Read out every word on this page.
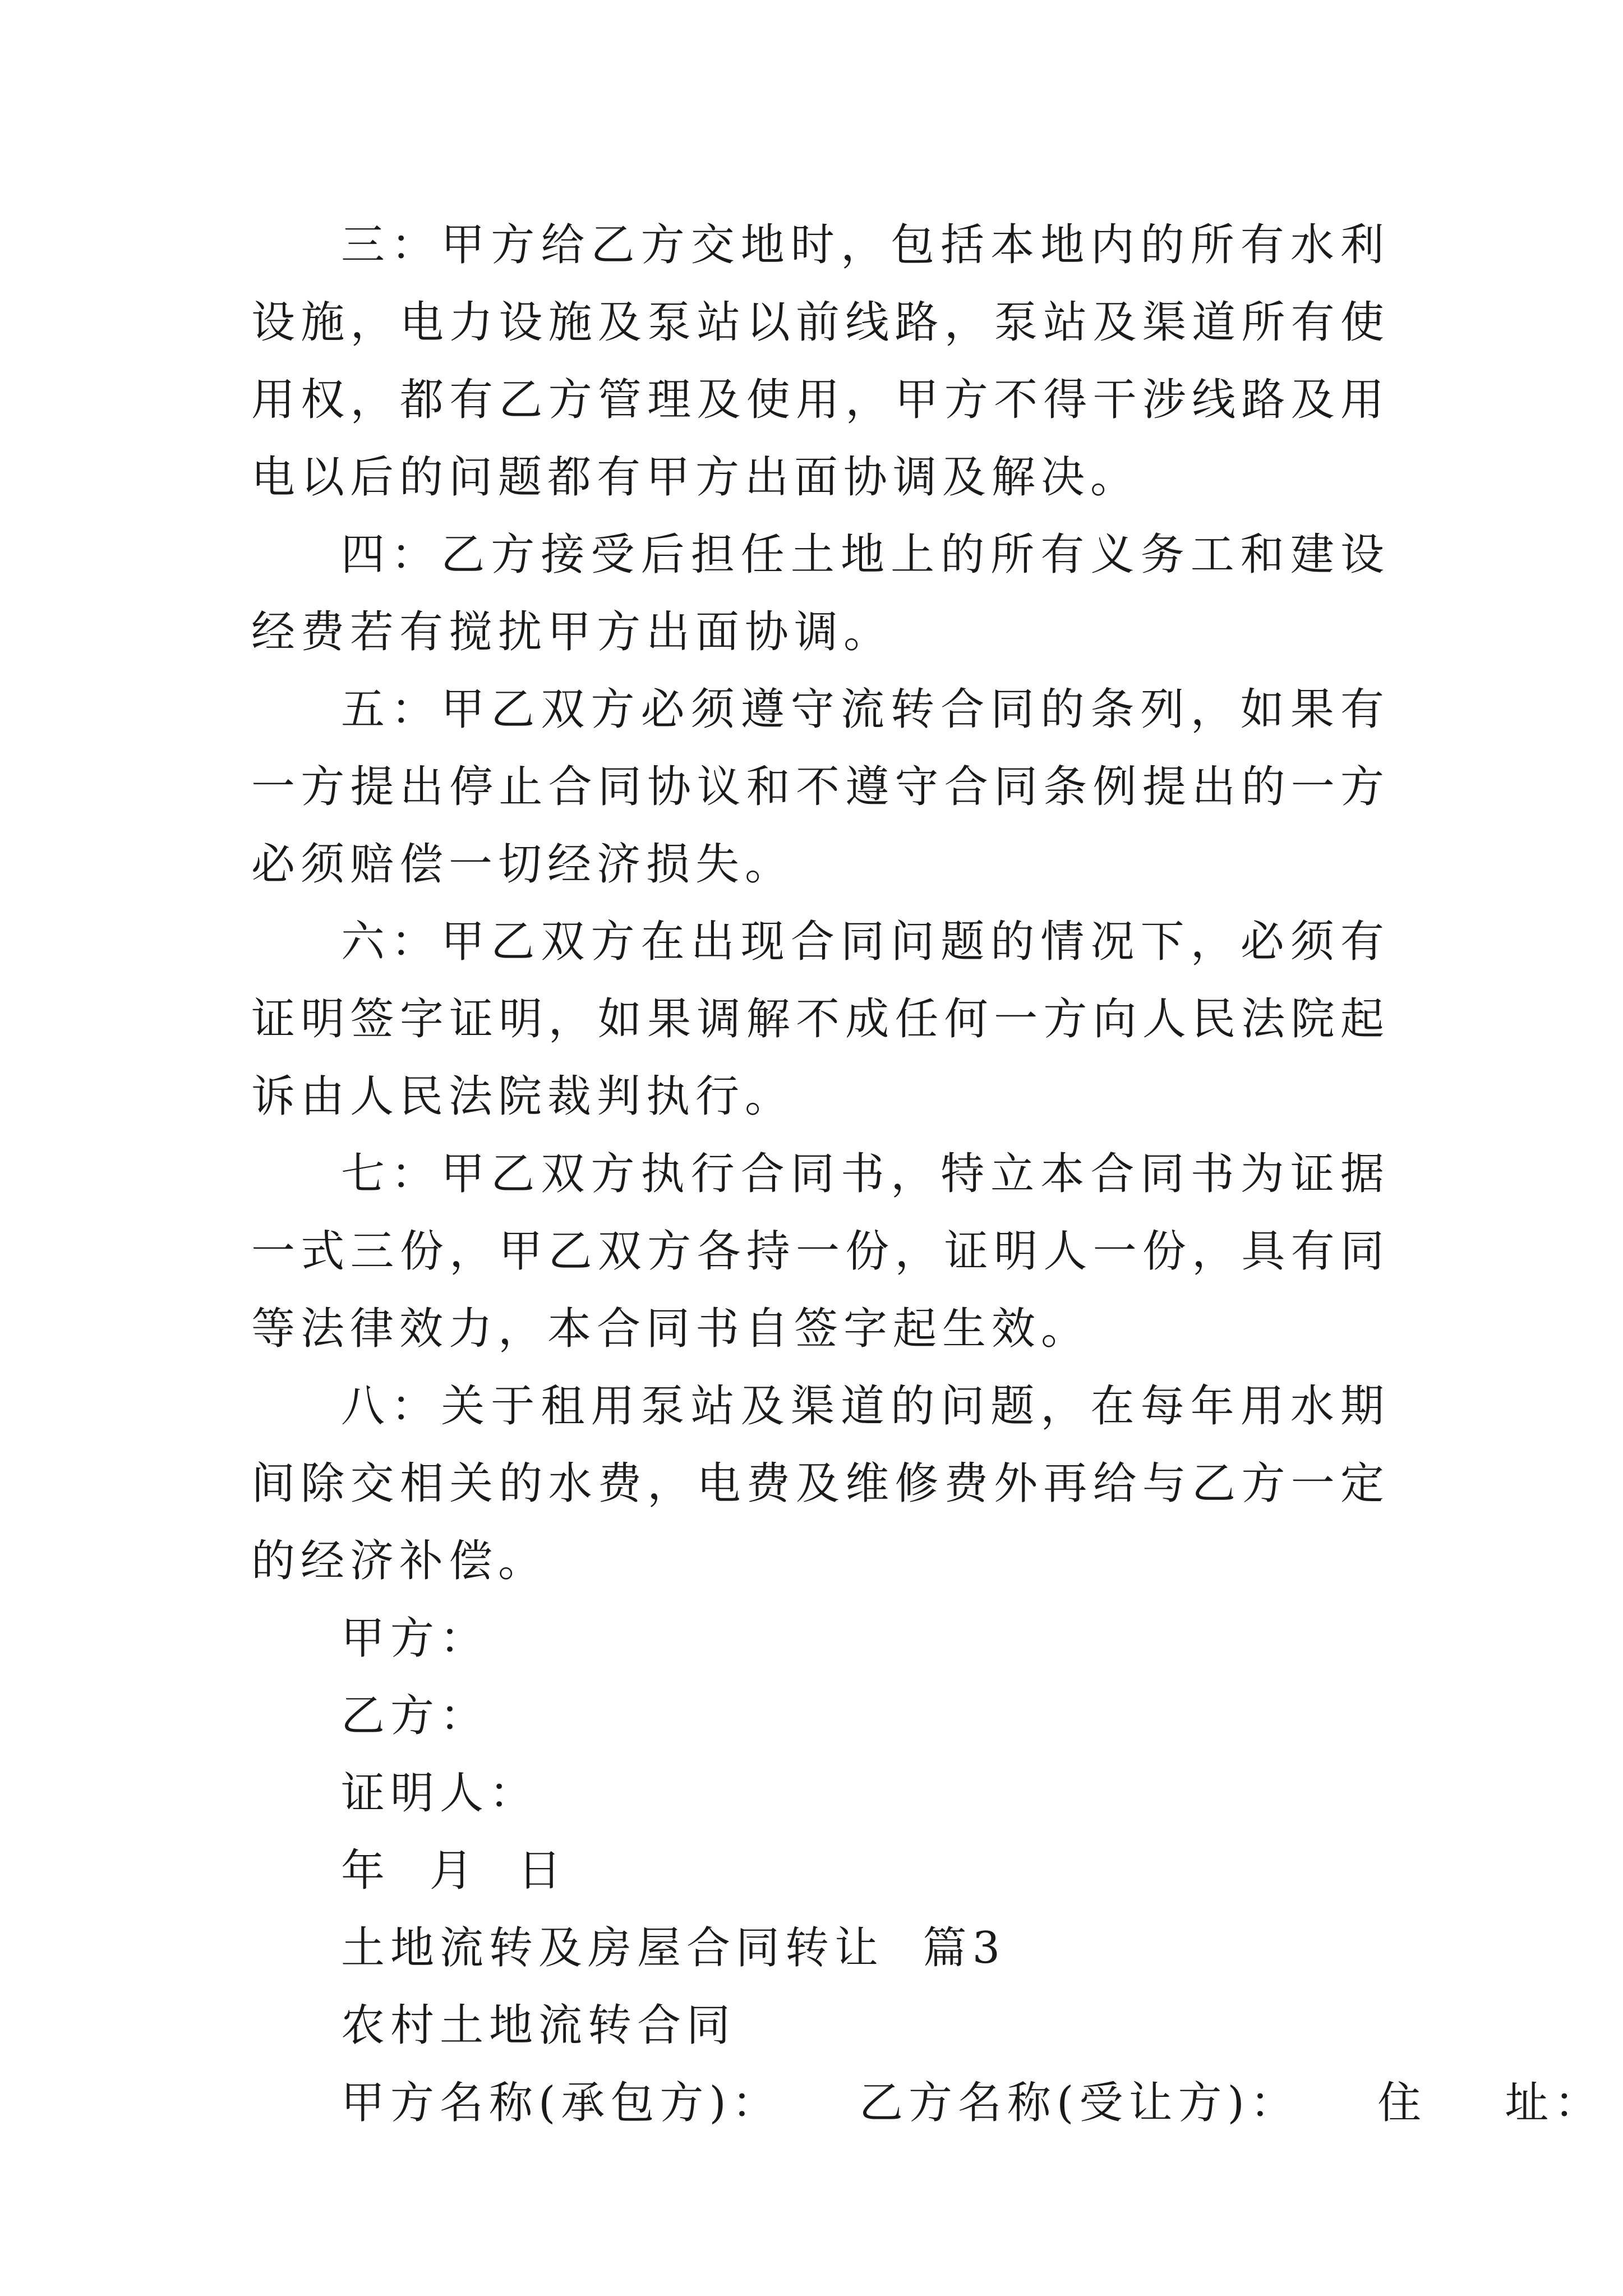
三：甲方给乙方交地时，包括本地内的所有水利设施，电力设施及泵站以前线路，泵站及渠道所有使用权，都有乙方管理及使用，甲方不得干涉线路及用电以后的问题都有甲方出面协调及解决。

四：乙方接受后担任土地上的所有义务工和建设经费若有搅扰甲方出面协调。

五：甲乙双方必须遵守流转合同的条列，如果有一方提出停止合同协议和不遵守合同条例提出的一方必须赔偿一切经济损失。

六：甲乙双方在出现合同问题的情况下，必须有证明签字证明，如果调解不成任何一方向人民法院起诉由人民法院裁判执行。

七：甲乙双方执行合同书，特立本合同书为证据一式三份，甲乙双方各持一份，证明人一份，具有同等法律效力，本合同书自签字起生效。

八：关于租用泵站及渠道的问题，在每年用水期间除交相关的水费，电费及维修费外再给与乙方一定的经济补偿。

甲方：

乙方：

证明人：

年  月  日

土地流转及房屋合同转让  篇3

农村土地流转合同

甲方名称(承包方)：    乙方名称(受让方)：    住    址：
